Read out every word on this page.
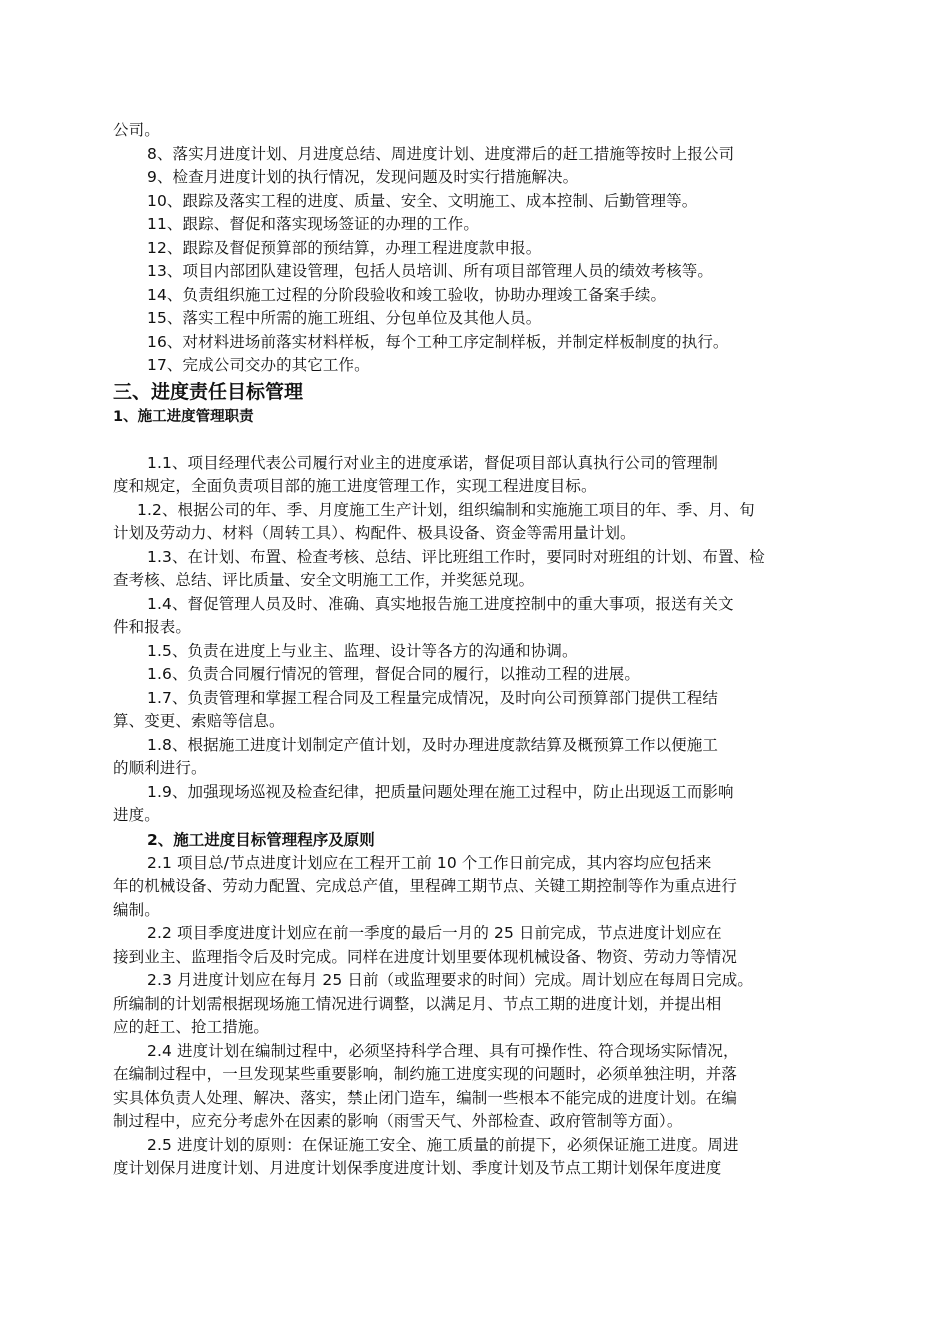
公司。
8、落实月进度计划、月进度总结、周进度计划、进度滞后的赶工措施等按时上报公司
9、检查月进度计划的执行情况，发现问题及时实行措施解决。
10、跟踪及落实工程的进度、质量、安全、文明施工、成本控制、后勤管理等。
11、跟踪、督促和落实现场签证的办理的工作。
12、跟踪及督促预算部的预结算，办理工程进度款申报。
13、项目内部团队建设管理，包括人员培训、所有项目部管理人员的绩效考核等。
14、负责组织施工过程的分阶段验收和竣工验收，协助办理竣工备案手续。
15、落实工程中所需的施工班组、分包单位及其他人员。
16、对材料进场前落实材料样板，每个工种工序定制样板，并制定样板制度的执行。
17、完成公司交办的其它工作。
三、进度责任目标管理
1、施工进度管理职责
1.1、项目经理代表公司履行对业主的进度承诺，督促项目部认真执行公司的管理制
度和规定，全面负责项目部的施工进度管理工作，实现工程进度目标。
1.2、根据公司的年、季、月度施工生产计划，组织编制和实施施工项目的年、季、月、旬
计划及劳动力、材料（周转工具）、构配件、极具设备、资金等需用量计划。
1.3、在计划、布置、检查考核、总结、评比班组工作时，要同时对班组的计划、布置、检
查考核、总结、评比质量、安全文明施工工作，并奖惩兑现。
1.4、督促管理人员及时、准确、真实地报告施工进度控制中的重大事项，报送有关文
件和报表。
1.5、负责在进度上与业主、监理、设计等各方的沟通和协调。
1.6、负责合同履行情况的管理，督促合同的履行，以推动工程的进展。
1.7、负责管理和掌握工程合同及工程量完成情况，及时向公司预算部门提供工程结
算、变更、索赔等信息。
1.8、根据施工进度计划制定产值计划，及时办理进度款结算及概预算工作以便施工
的顺利进行。
1.9、加强现场巡视及检查纪律，把质量问题处理在施工过程中，防止出现返工而影响
进度。
2、施工进度目标管理程序及原则
2.1 项目总/节点进度计划应在工程开工前 10 个工作日前完成，其内容均应包括来
年的机械设备、劳动力配置、完成总产值，里程碑工期节点、关键工期控制等作为重点进行
编制。
2.2 项目季度进度计划应在前一季度的最后一月的 25 日前完成，节点进度计划应在
接到业主、监理指令后及时完成。同样在进度计划里要体现机械设备、物资、劳动力等情况
2.3 月进度计划应在每月 25 日前（或监理要求的时间）完成。周计划应在每周日完成。
所编制的计划需根据现场施工情况进行调整，以满足月、节点工期的进度计划，并提出相
应的赶工、抢工措施。
2.4 进度计划在编制过程中，必须坚持科学合理、具有可操作性、符合现场实际情况，
在编制过程中，一旦发现某些重要影响，制约施工进度实现的问题时，必须单独注明，并落
实具体负责人处理、解决、落实，禁止闭门造车，编制一些根本不能完成的进度计划。在编
制过程中，应充分考虑外在因素的影响（雨雪天气、外部检查、政府管制等方面）。
2.5 进度计划的原则：在保证施工安全、施工质量的前提下，必须保证施工进度。周进
度计划保月进度计划、月进度计划保季度进度计划、季度计划及节点工期计划保年度进度
